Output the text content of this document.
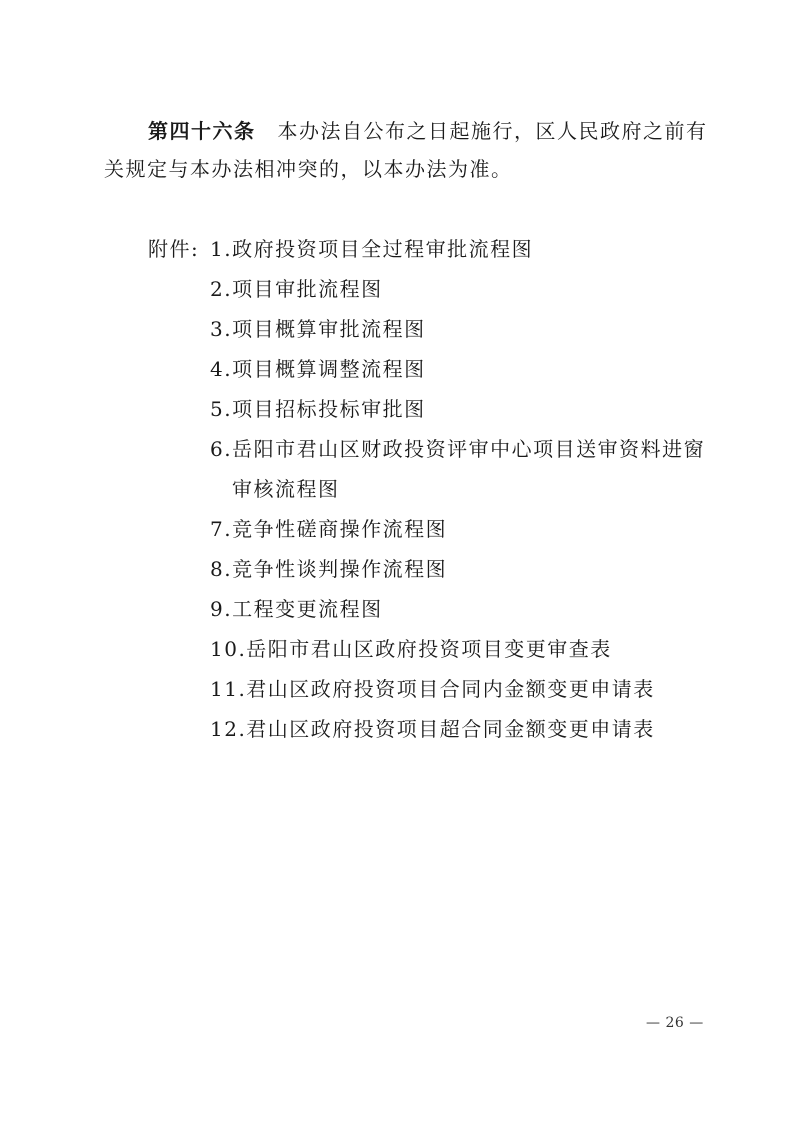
第四十六条 本办法自公布之日起施行，区人民政府之前有
关规定与本办法相冲突的，以本办法为准。
附件: 1.政府投资项目全过程审批流程图
2.项目审批流程图
3.项目概算审批流程图
4.项目概算调整流程图
5.项目招标投标审批图
6.岳阳市君山区财政投资评审中心项目送审资料进窗
审核流程图
7.竞争性磋商操作流程图
8.竞争性谈判操作流程图
9.工程变更流程图
10.岳阳市君山区政府投资项目变更审查表
11.君山区政府投资项目合同内金额变更申请表
12.君山区政府投资项目超合同金额变更申请表
— 26 —
